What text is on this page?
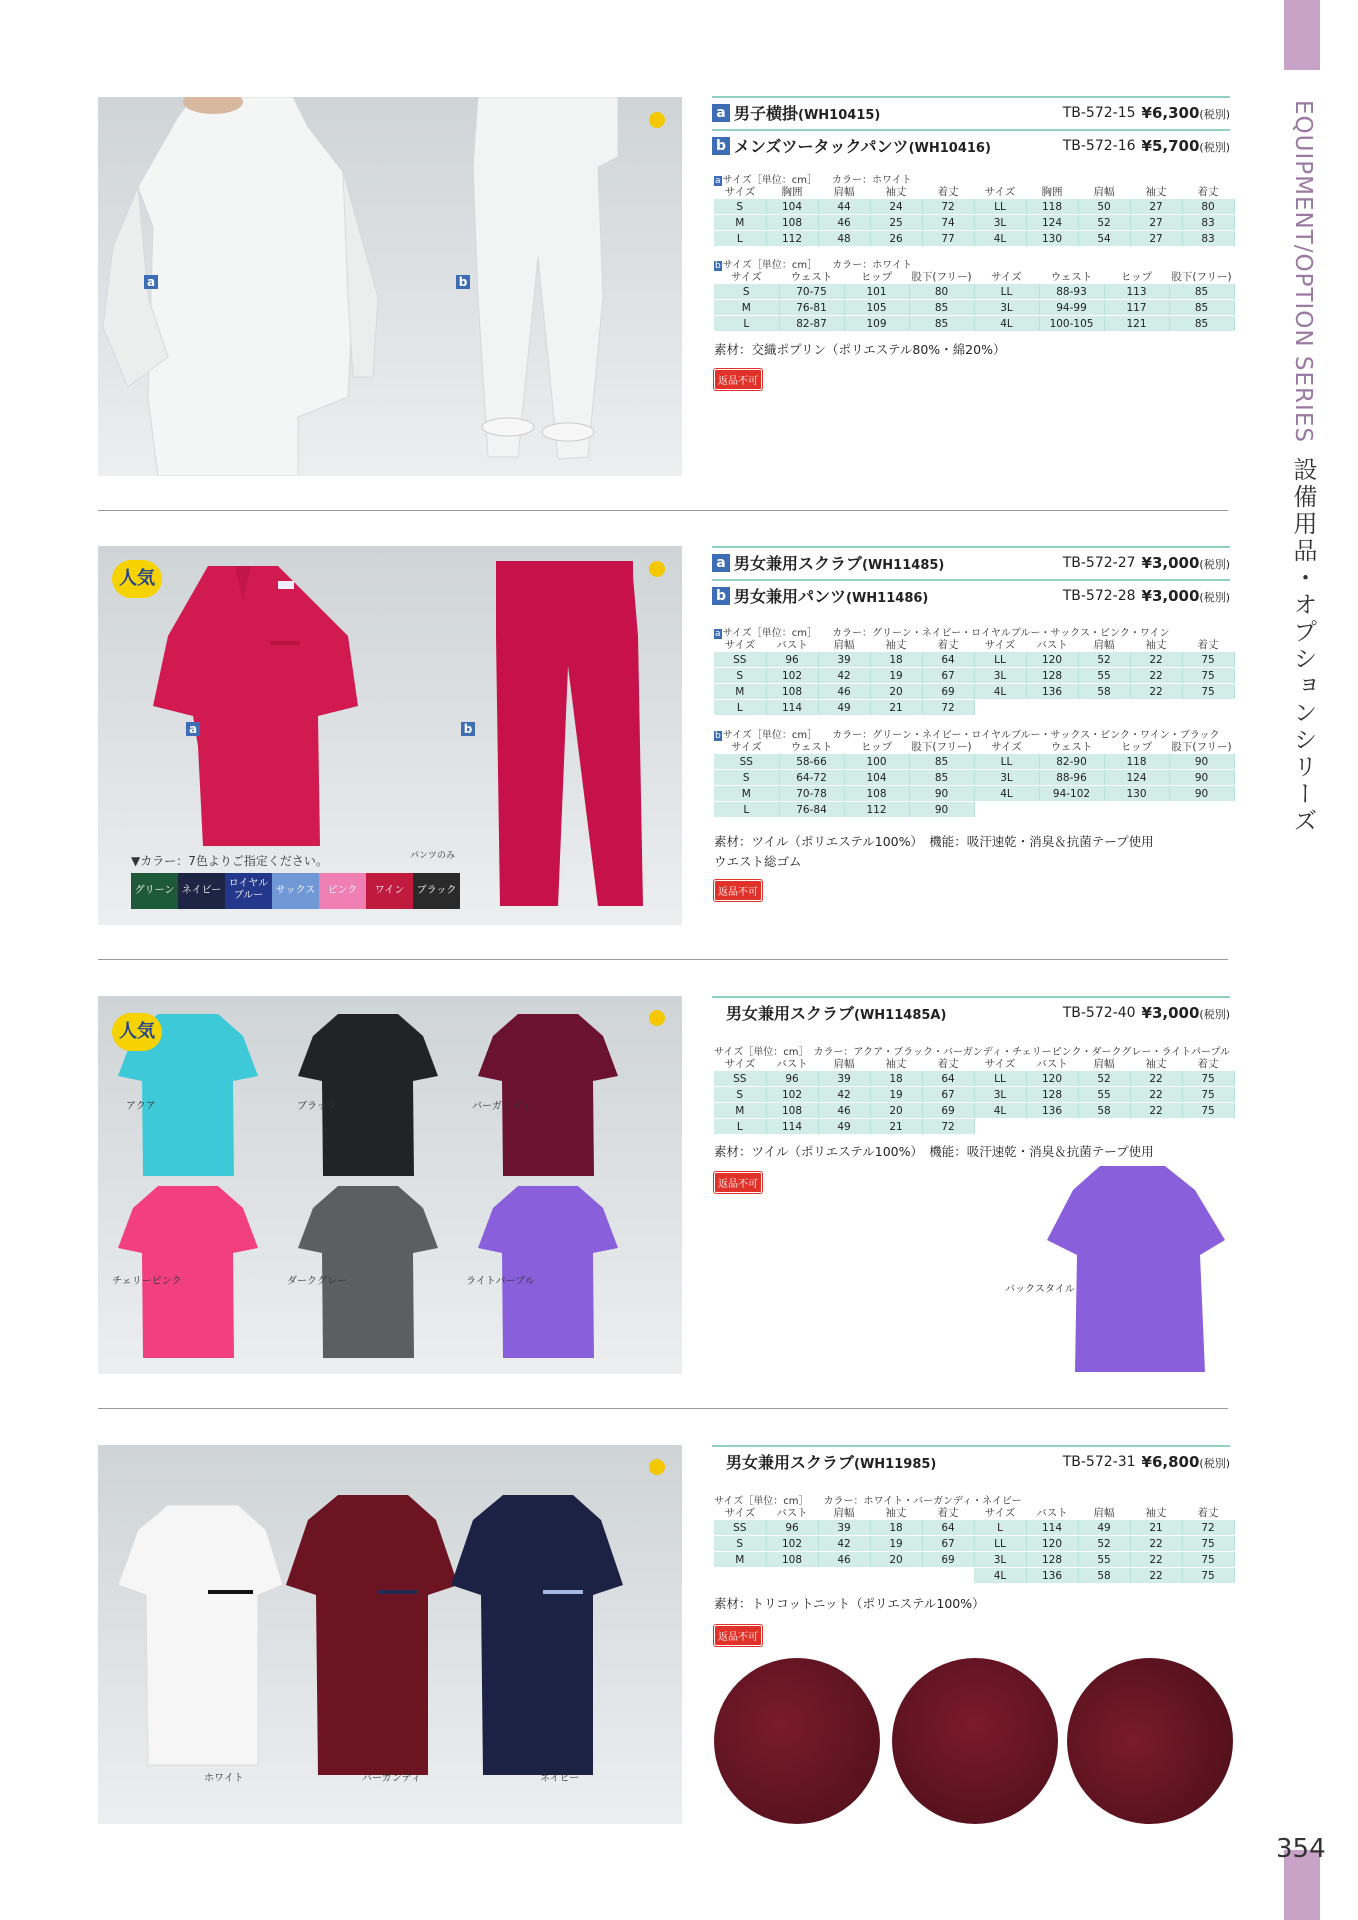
EQUIPMENT/OPTION SERIES設備用品・オプションシリーズ
354
a	b
a 男子横掛(WH10415)	TB-572-15 ¥6,300(税別)
b メンズツータックパンツ(WH10416)	TB-572-16 ¥5,700(税別)
a サイズ［単位：cm］　　カラー：ホワイト
サイズ	胸囲	肩幅	袖丈	着丈	サイズ	胸囲	肩幅	袖丈	着丈
S	104	44	24	72	LL	118	50	27	80
M	108	46	25	74	3L	124	52	27	83
L	112	48	26	77	4L	130	54	27	83
b サイズ［単位：cm］　　カラー：ホワイト
サイズ	ウェスト	ヒップ	股下(フリー)	サイズ	ウェスト	ヒップ	股下(フリー)
S	70-75	101	80	LL	88-93	113	85
M	76-81	105	85	3L	94-99	117	85
L	82-87	109	85	4L	100-105	121	85
素材：交織ポプリン（ポリエステル80%・綿20%）
返品不可
人気
a	b
▼カラー：7色よりご指定ください。	パンツのみ
グリーン ネイビーロイヤル
ブルー サックス ピンク ワイン ブラック
a 男女兼用スクラブ(WH11485)	TB-572-27 ¥3,000(税別)
b 男女兼用パンツ(WH11486)	TB-572-28 ¥3,000(税別)
a サイズ［単位：cm］　　カラー：グリーン・ネイビー・ロイヤルブルー・サックス・ピンク・ワイン
サイズ	バスト	肩幅	袖丈	着丈	サイズ	バスト	肩幅	袖丈	着丈
SS	96	39	18	64	LL	120	52	22	75
S	102	42	19	67	3L	128	55	22	75
M	108	46	20	69	4L	136	58	22	75
L	114	49	21	72					
b サイズ［単位：cm］　　カラー：グリーン・ネイビー・ロイヤルブルー・サックス・ピンク・ワイン・ブラック
サイズ	ウェスト	ヒップ	股下(フリー)	サイズ	ウェスト	ヒップ	股下(フリー)
SS	58-66	100	85	LL	82-90	118	90
S	64-72	104	85	3L	88-96	124	90
M	70-78	108	90	4L	94-102	130	90
L	76-84	112	90				
素材：ツイル（ポリエステル100%）　機能：吸汗速乾・消臭＆抗菌テープ使用
ウエスト総ゴム
返品不可
人気
アクア	ブラック	バーガンディ
チェリーピンク	ダークグレー	ライトパープル
男女兼用スクラブ(WH11485A)	TB-572-40 ¥3,000(税別)
サイズ［単位：cm］　カラー：アクア・ブラック・バーガンディ・チェリーピンク・ダークグレー・ライトパープル
サイズ	バスト	肩幅	袖丈	着丈	サイズ	バスト	肩幅	袖丈	着丈
SS	96	39	18	64	LL	120	52	22	75
S	102	42	19	67	3L	128	55	22	75
M	108	46	20	69	4L	136	58	22	75
L	114	49	21	72					
素材：ツイル（ポリエステル100%）　機能：吸汗速乾・消臭＆抗菌テープ使用
返品不可
バックスタイル
ホワイト	バーガンディ	ネイビー
男女兼用スクラブ(WH11985)	TB-572-31 ¥6,800(税別)
サイズ［単位：cm］　　カラー：ホワイト・バーガンディ・ネイビー
サイズ	バスト	肩幅	袖丈	着丈	サイズ	バスト	肩幅	袖丈	着丈
SS	96	39	18	64	L	114	49	21	72
S	102	42	19	67	LL	120	52	22	75
M	108	46	20	69	3L	128	55	22	75
					4L	136	58	22	75
素材：トリコットニット（ポリエステル100%）
返品不可
